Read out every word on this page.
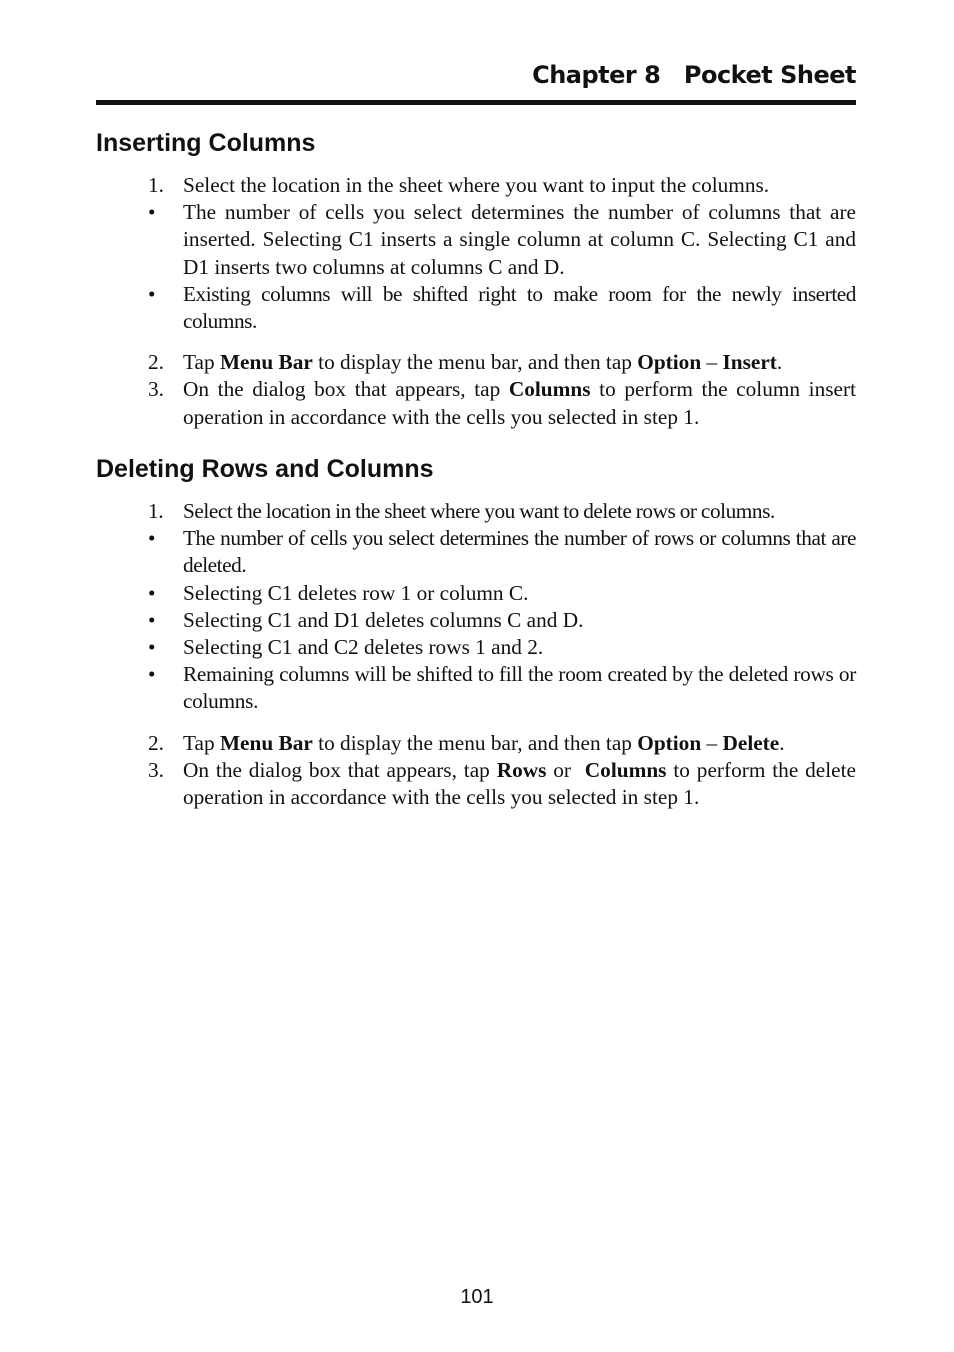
Chapter 8   Pocket Sheet
Inserting Columns
1. Select the location in the sheet where you want to input the columns.
• The number of cells you select determines the number of columns that are inserted. Selecting C1 inserts a single column at column C. Selecting C1 and D1 inserts two columns at columns C and D.
• Existing columns will be shifted right to make room for the newly inserted columns.
2. Tap Menu Bar to display the menu bar, and then tap Option – Insert.
3. On the dialog box that appears, tap Columns to perform the column insert operation in accordance with the cells you selected in step 1.
Deleting Rows and Columns
1. Select the location in the sheet where you want to delete rows or columns.
• The number of cells you select determines the number of rows or columns that are deleted.
• Selecting C1 deletes row 1 or column C.
• Selecting C1 and D1 deletes columns C and D.
• Selecting C1 and C2 deletes rows 1 and 2.
• Remaining columns will be shifted to fill the room created by the deleted rows or columns.
2. Tap Menu Bar to display the menu bar, and then tap Option – Delete.
3. On the dialog box that appears, tap Rows or  Columns to perform the delete operation in accordance with the cells you selected in step 1.
101
